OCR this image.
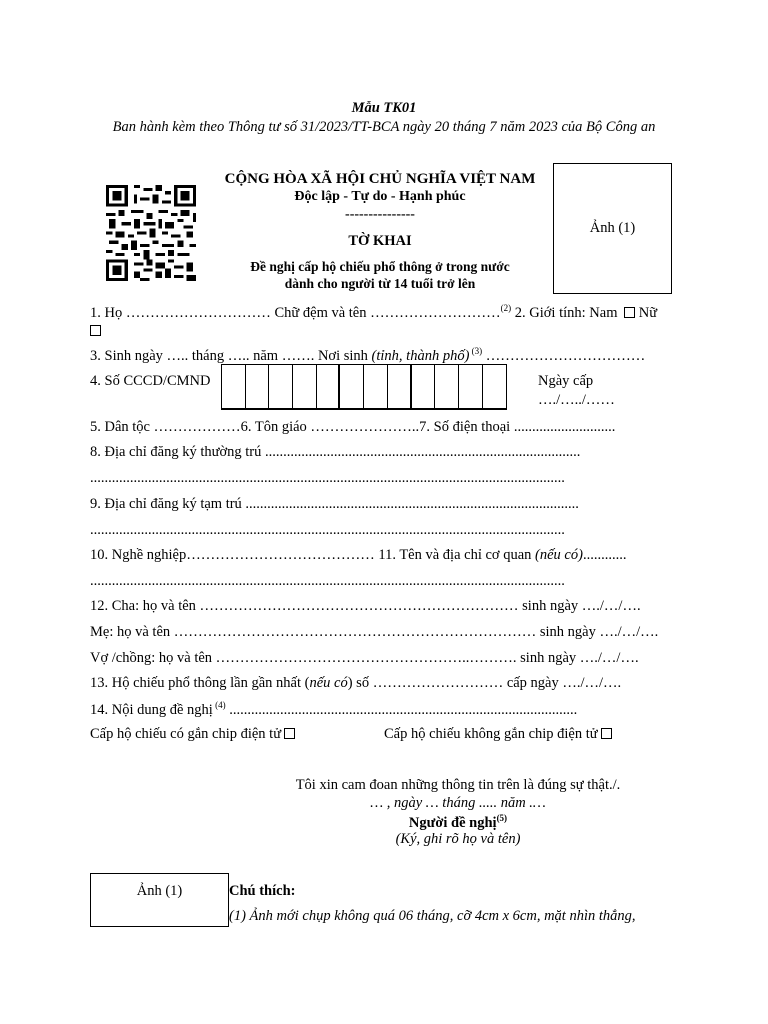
Mẫu TK01
Ban hành kèm theo Thông tư số 31/2023/TT-BCA ngày 20 tháng 7 năm 2023 của Bộ Công an
CỘNG HÒA XÃ HỘI CHỦ NGHĨA VIỆT NAM
Độc lập - Tự do - Hạnh phúc
---------------
TỜ KHAI
Đề nghị cấp hộ chiếu phổ thông ở trong nước
dành cho người từ 14 tuổi trở lên
Ảnh (1)
1. Họ ………………………… Chữ đệm và tên ………………………$^{(2)}$ 2. Giới tính: Nam  Nữ
3. Sinh ngày ….. tháng ….. năm ……. Nơi sinh (tỉnh, thành phố) $^{(3)}$ ……………………………
4. Số CCCD/CMND	Ngày cấp
…./…../……
5. Dân tộc ………………6. Tôn giáo …………………..7. Số điện thoại ............................
8. Địa chỉ đăng ký thường trú .......................................................................................
...................................................................................................................................
9. Địa chỉ đăng ký tạm trú ............................................................................................
...................................................................................................................................
10. Nghề nghiệp………………………………… 11. Tên và địa chỉ cơ quan (nếu có)............
...................................................................................................................................
12. Cha: họ và tên ………………………………………………………… sinh ngày …./…/….
Mẹ: họ và tên ………………………………………………………………… sinh ngày …./…/….
Vợ /chồng: họ và tên ……………………………………………..………. sinh ngày …./…/….
13. Hộ chiếu phổ thông lần gần nhất (nếu có) số ……………………… cấp ngày …./…/….
14. Nội dung đề nghị $^{(4)}$ ................................................................................................
Cấp hộ chiếu có gắn chip điện tử	Cấp hộ chiếu không gắn chip điện tử
Tôi xin cam đoan những thông tin trên là đúng sự thật./.
… , ngày … tháng ..... năm .…
Người đề nghị$^{(5)}$
(Ký, ghi rõ họ và tên)
Ảnh (1)	Chú thích:
(1) Ảnh mới chụp không quá 06 tháng, cỡ 4cm x 6cm, mặt nhìn thẳng,
